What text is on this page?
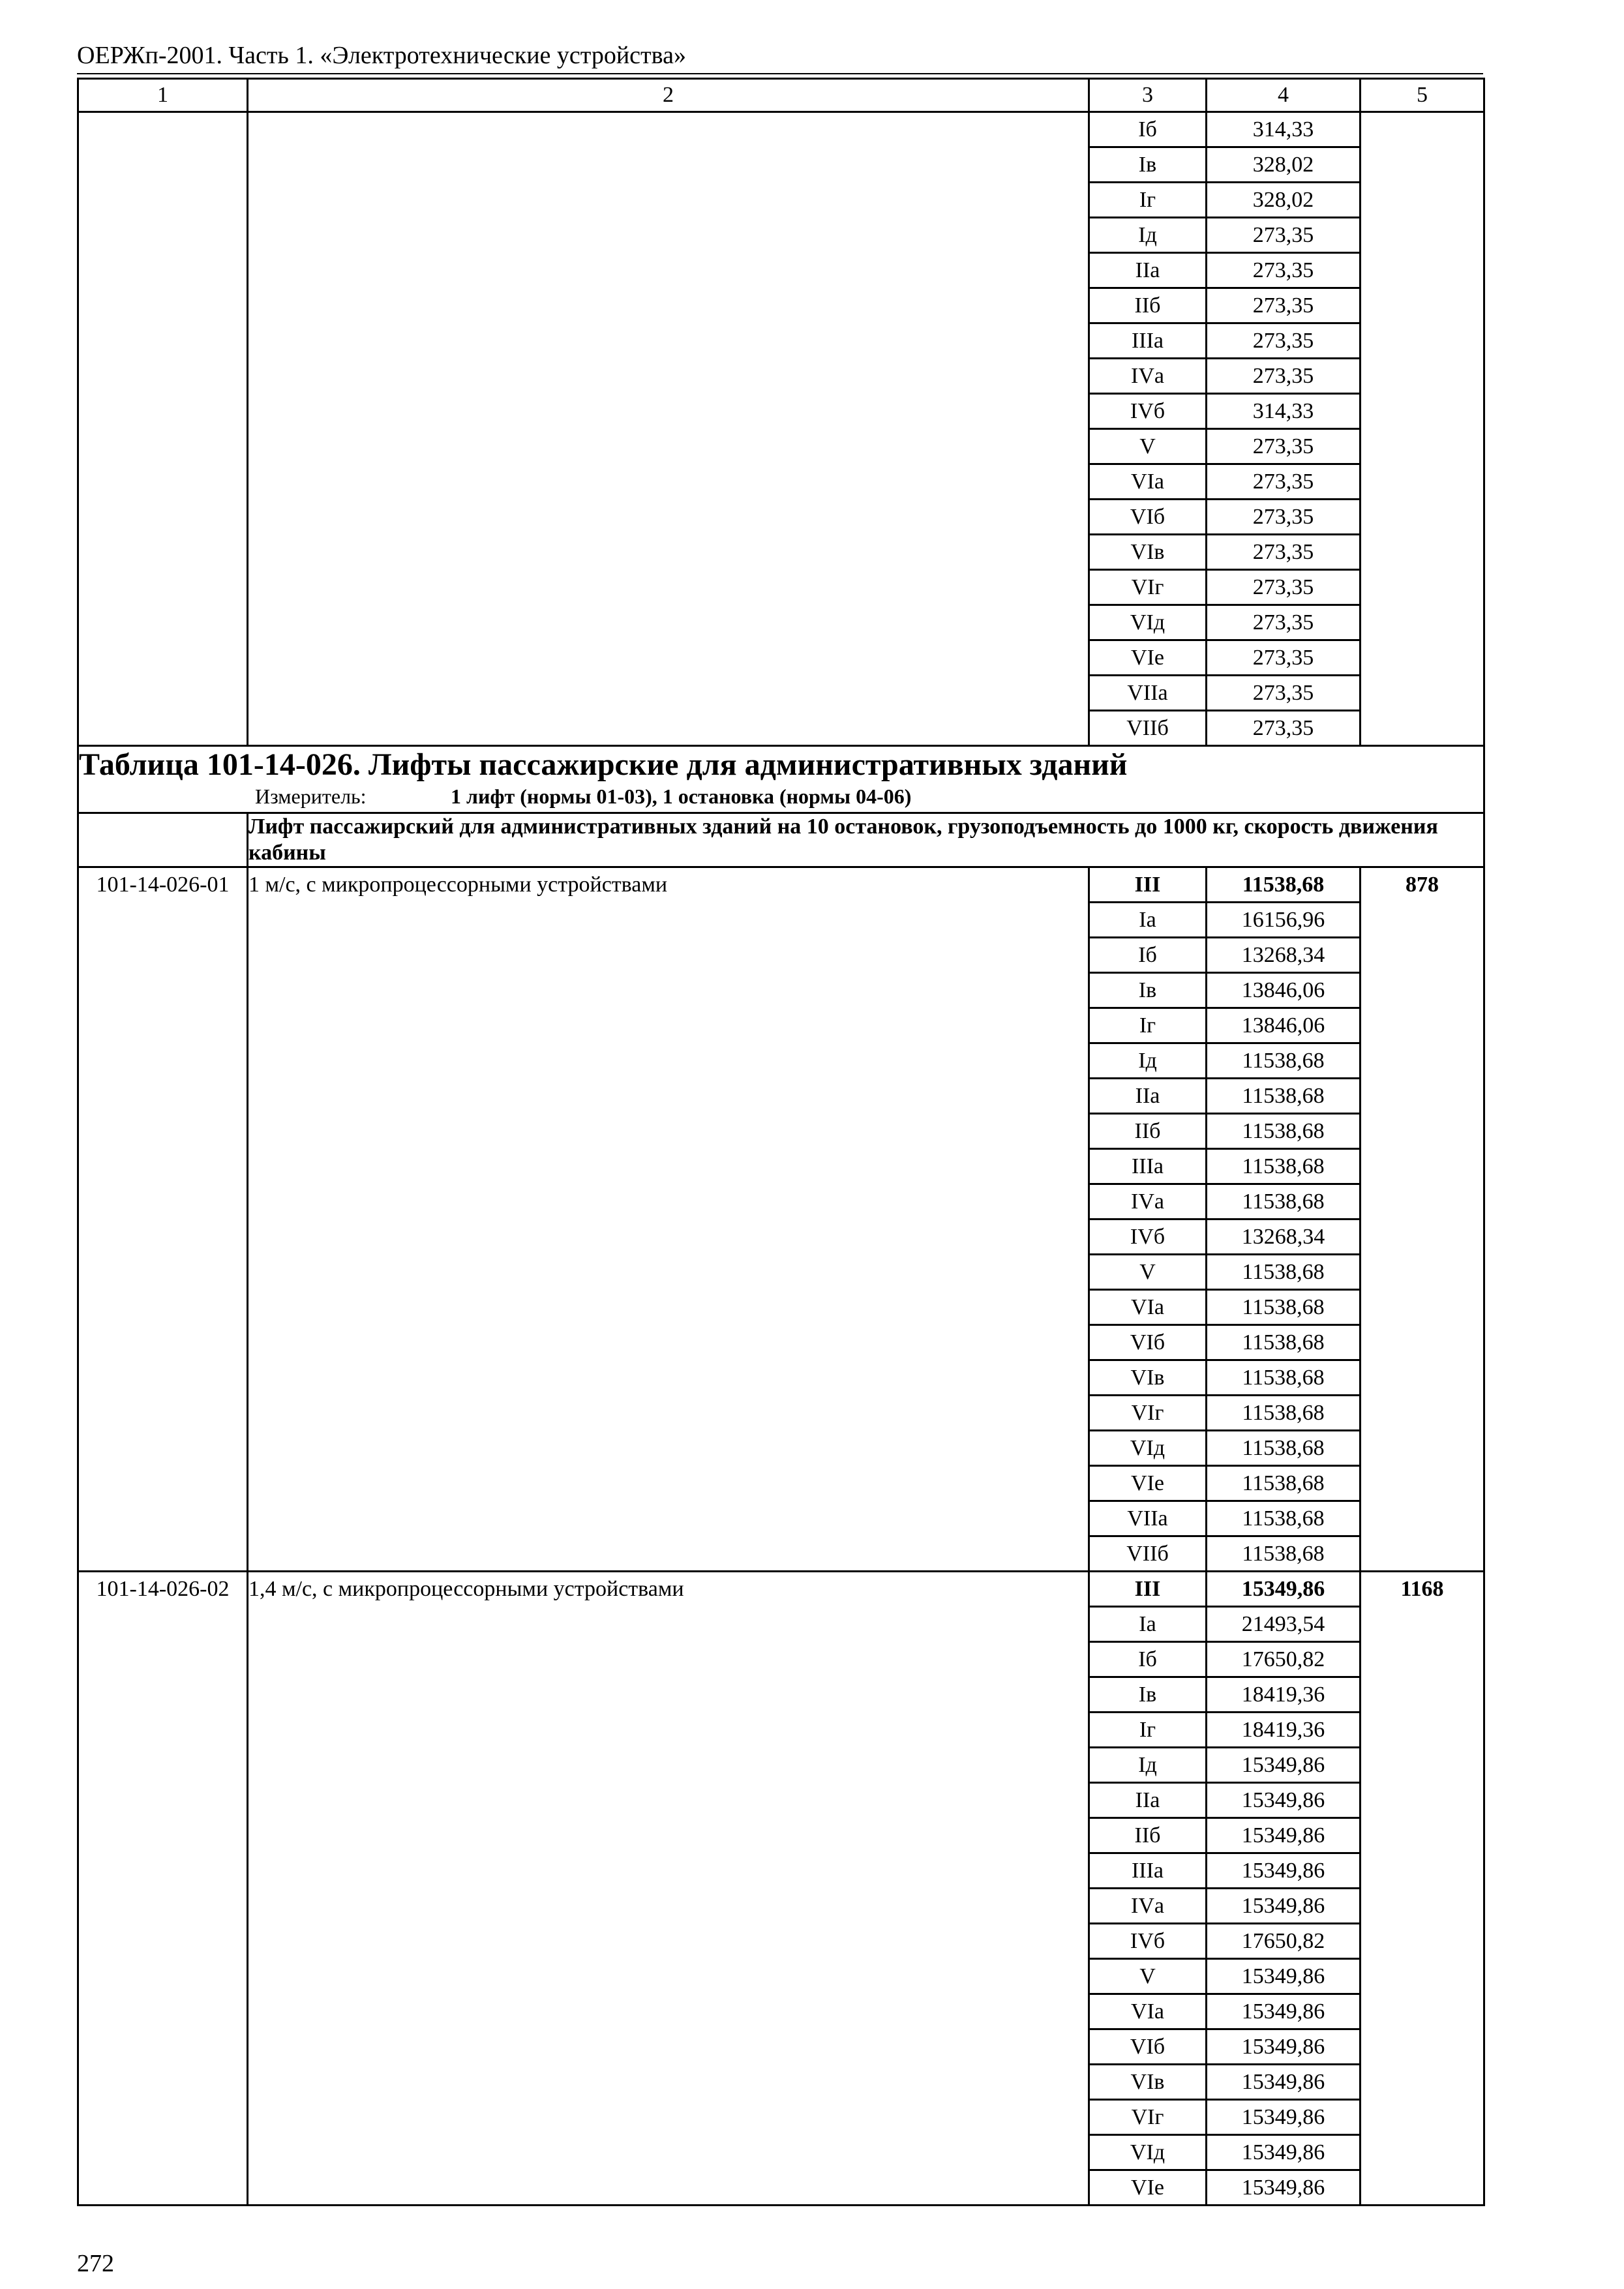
ОЕРЖп-2001. Часть 1. «Электротехнические устройства»
1	2	3	4	5
		Iб	314,33	
		Iв	328,02	
		Iг	328,02	
		Iд	273,35	
		IIа	273,35	
		IIб	273,35	
		IIIа	273,35	
		IVа	273,35	
		IVб	314,33	
		V	273,35	
		VIа	273,35	
		VIб	273,35	
		VIв	273,35	
		VIг	273,35	
		VIд	273,35	
		VIе	273,35	
		VIIа	273,35	
		VIIб	273,35	

Таблица 101-14-026. Лифты пассажирские для административных зданий
Измеритель: 1 лифт (нормы 01-03), 1 остановка (нормы 04-06)				

	Лифт пассажирский для административных зданий на 10 остановок, грузоподъемность до 1000 кг, скорость движения кабины			
101-14-026-01	1 м/с, с микропроцессорными устройствами	III	11538,68	878
		Iа	16156,96	
		Iб	13268,34	
		Iв	13846,06	
		Iг	13846,06	
		Iд	11538,68	
		IIа	11538,68	
		IIб	11538,68	
		IIIа	11538,68	
		IVа	11538,68	
		IVб	13268,34	
		V	11538,68	
		VIа	11538,68	
		VIб	11538,68	
		VIв	11538,68	
		VIг	11538,68	
		VIд	11538,68	
		VIе	11538,68	
		VIIа	11538,68	
		VIIб	11538,68	
101-14-026-02	1,4 м/с, с микропроцессорными устройствами	III	15349,86	1168
		Iа	21493,54	
		Iб	17650,82	
		Iв	18419,36	
		Iг	18419,36	
		Iд	15349,86	
		IIа	15349,86	
		IIб	15349,86	
		IIIа	15349,86	
		IVа	15349,86	
		IVб	17650,82	
		V	15349,86	
		VIа	15349,86	
		VIб	15349,86	
		VIв	15349,86	
		VIг	15349,86	
		VIд	15349,86	
		VIе	15349,86	
272
